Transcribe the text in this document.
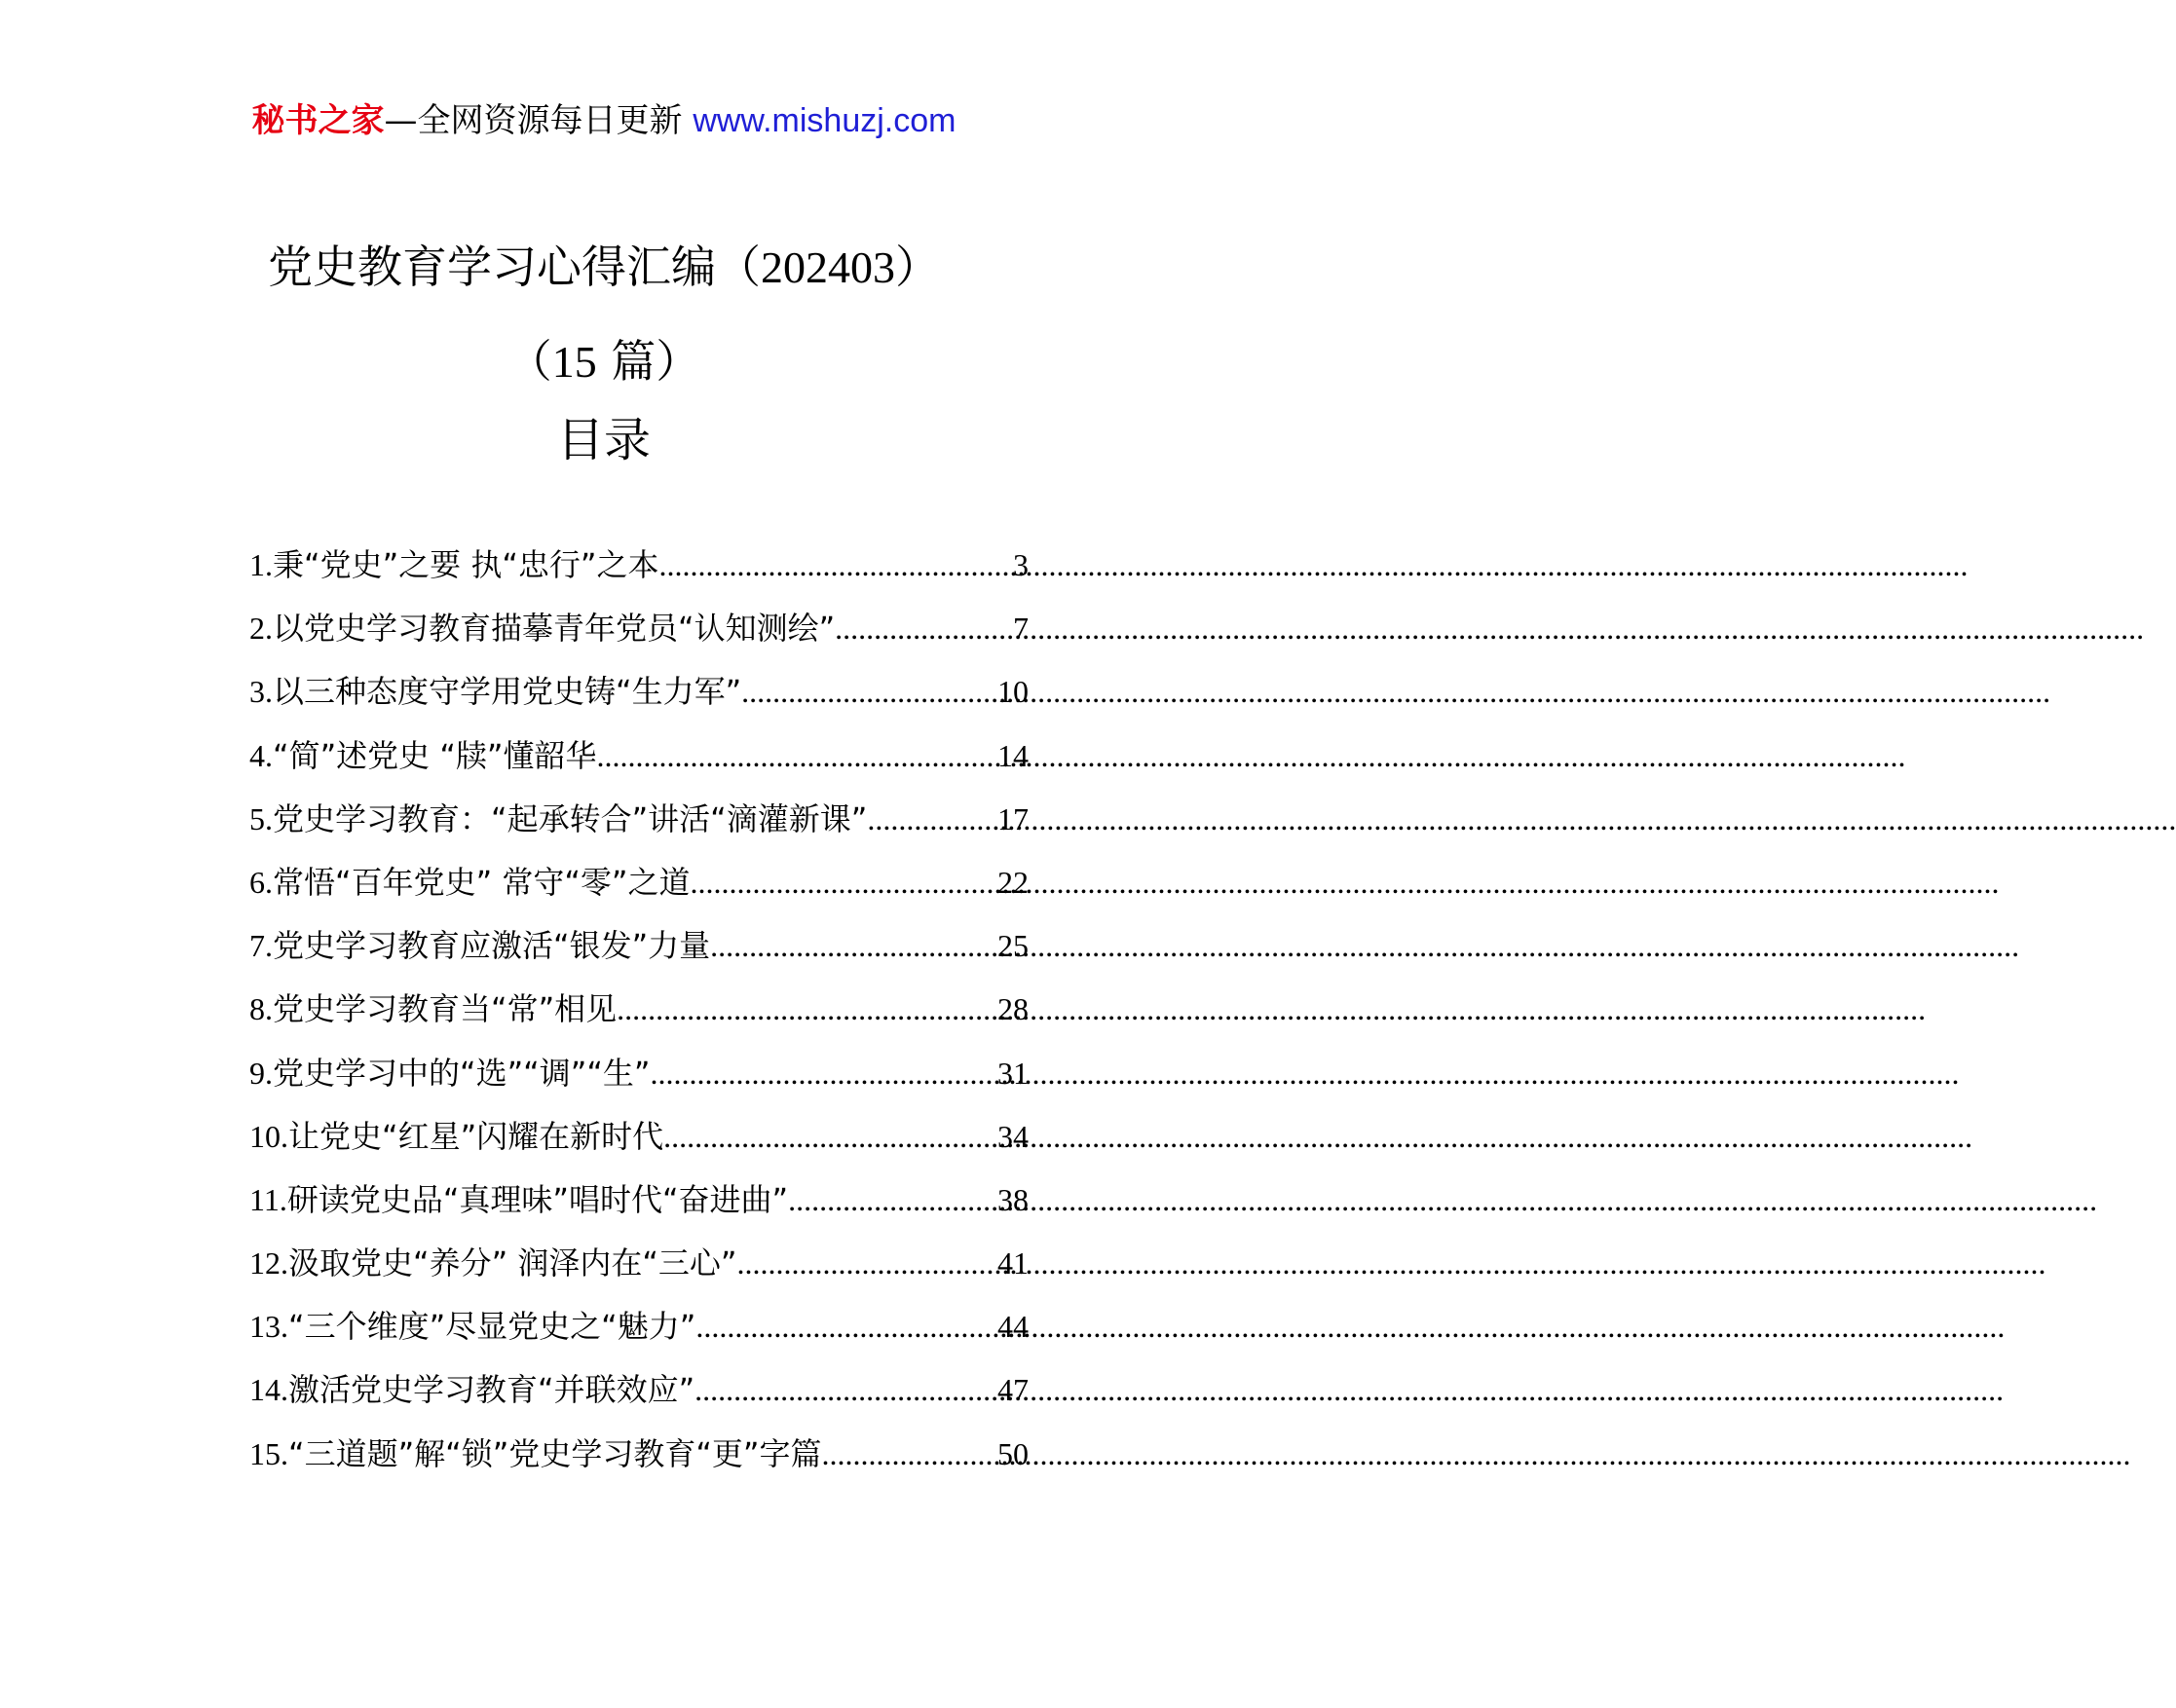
秘书之家—全网资源每日更新 www.mishuzj.com
党史教育学习心得汇编（202403）
（15 篇）
目录
1. 秉“党史”之要 执“忠行”之本 .....	3
2. 以党史学习教育描摹青年党员“认知测绘” .....	7
3. 以三种态度守学用党史铸“生力军” .....	10
4. “简”述党史 “牍”懂韶华 .....	14
5. 党史学习教育：“起承转合”讲活“滴灌新课” .....	17
6. 常悟“百年党史” 常守“零”之道 .....	22
7. 党史学习教育应激活“银发”力量 .....	25
8. 党史学习教育当“常”相见 .....	28
9. 党史学习中的“选”“调”“生” .....	31
10. 让党史“红星”闪耀在新时代 .....	34
11. 研读党史品“真理味”唱时代“奋进曲” .....	38
12. 汲取党史“养分” 润泽内在“三心” .....	41
13. “三个维度”尽显党史之“魅力” .....	44
14. 激活党史学习教育“并联效应” .....	47
15. “三道题”解“锁”党史学习教育“更”字篇 .....	50
